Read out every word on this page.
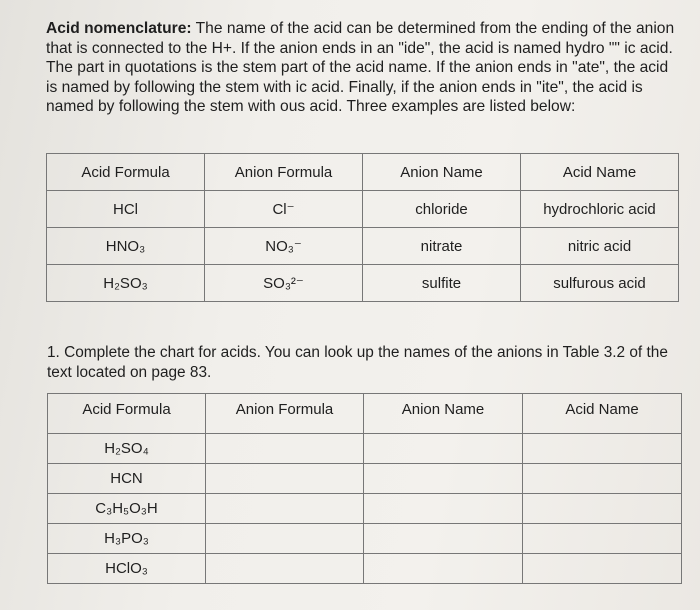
Acid nomenclature: The name of the acid can be determined from the ending of the anion that is connected to the H+. If the anion ends in an "ide", the acid is named hydro "" ic acid. The part in quotations is the stem part of the acid name. If the anion ends in "ate", the acid is named by following the stem with ic acid. Finally, if the anion ends in "ite", the acid is named by following the stem with ous acid. Three examples are listed below:

Acid Formula	Anion Formula	Anion Name	Acid Name
HCl	Cl⁻	chloride	hydrochloric acid
HNO₃	NO₃⁻	nitrate	nitric acid
H₂SO₃	SO₃²⁻	sulfite	sulfurous acid

1. Complete the chart for acids. You can look up the names of the anions in Table 3.2 of the text located on page 83.

Acid Formula	Anion Formula	Anion Name	Acid Name
H₂SO₄			
HCN			
C₃H₅O₃H			
H₃PO₃			
HClO₃			
